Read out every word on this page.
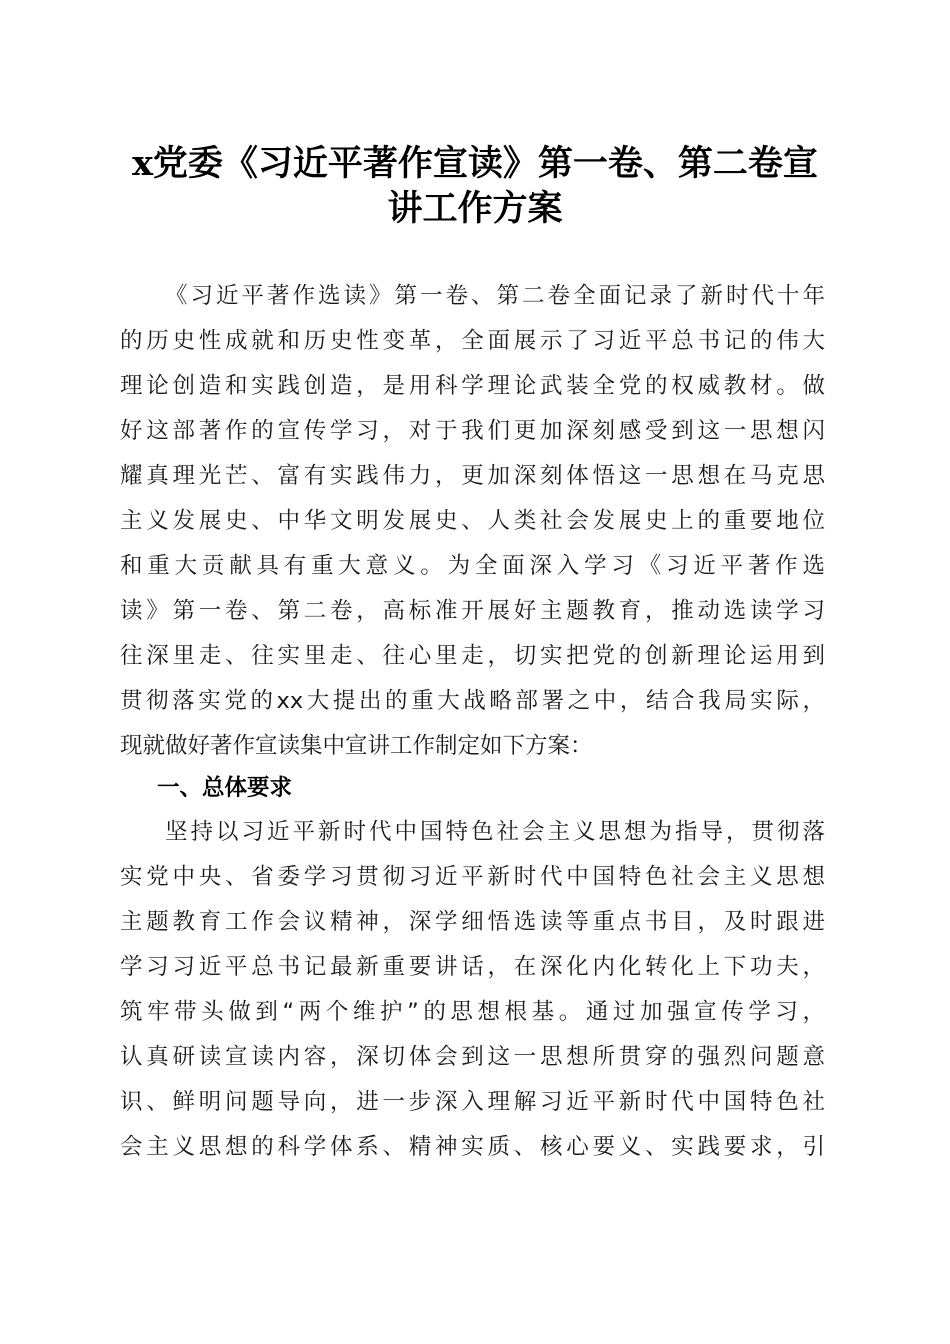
x党委《习近平著作宣读》第一卷、第二卷宣
讲工作方案

《习近平著作选读》第一卷、第二卷全面记录了新时代十年

的历史性成就和历史性变革，全面展示了习近平总书记的伟大

理论创造和实践创造，是用科学理论武装全党的权威教材。做

好这部著作的宣传学习，对于我们更加深刻感受到这一思想闪

耀真理光芒、富有实践伟力，更加深刻体悟这一思想在马克思

主义发展史、中华文明发展史、人类社会发展史上的重要地位

和重大贡献具有重大意义。为全面深入学习《习近平著作选

读》第一卷、第二卷，高标准开展好主题教育，推动选读学习

往深里走、往实里走、往心里走，切实把党的创新理论运用到

贯彻落实党的xx大提出的重大战略部署之中，结合我局实际，

现就做好著作宣读集中宣讲工作制定如下方案：

一、总体要求

坚持以习近平新时代中国特色社会主义思想为指导，贯彻落

实党中央、省委学习贯彻习近平新时代中国特色社会主义思想

主题教育工作会议精神，深学细悟选读等重点书目，及时跟进

学习习近平总书记最新重要讲话，在深化内化转化上下功夫，

筑牢带头做到“两个维护”的思想根基。通过加强宣传学习，

认真研读宣读内容，深切体会到这一思想所贯穿的强烈问题意

识、鲜明问题导向，进一步深入理解习近平新时代中国特色社

会主义思想的科学体系、精神实质、核心要义、实践要求，引
